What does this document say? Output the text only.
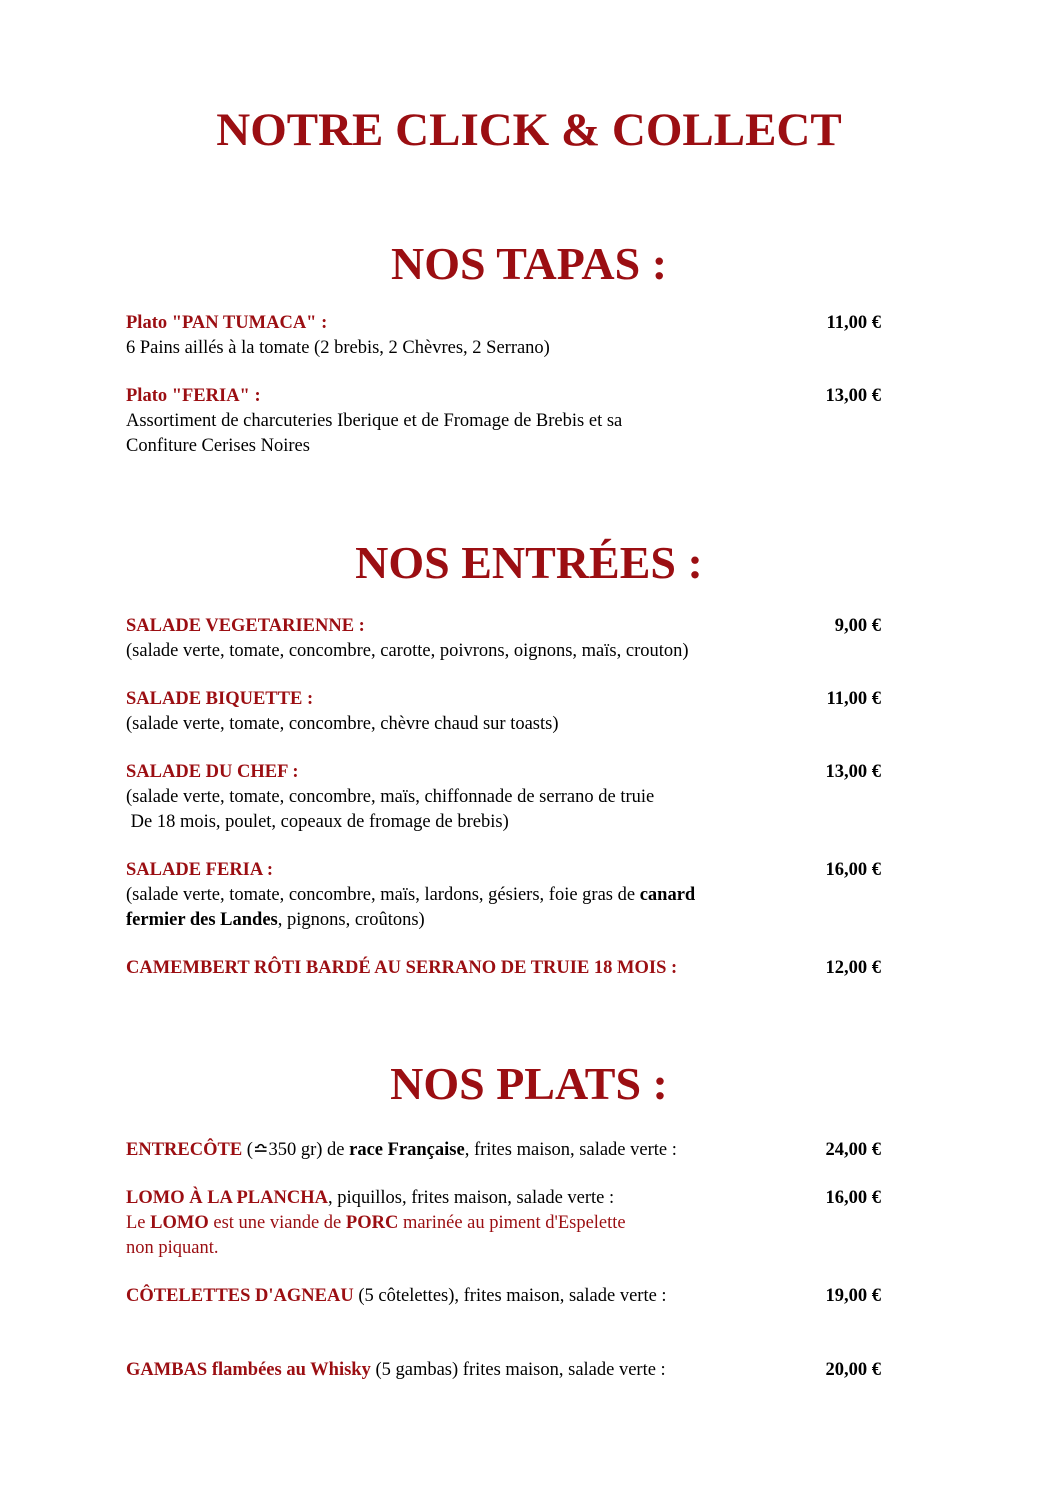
NOTRE CLICK & COLLECT
NOS TAPAS :
Plato "PAN TUMACA" :	11,00 €
6 Pains aillés à la tomate (2 brebis, 2 Chèvres, 2 Serrano)
Plato "FERIA" :	13,00 €
Assortiment de charcuteries Iberique et de Fromage de Brebis et sa
Confiture Cerises Noires
NOS ENTRÉES :
SALADE VEGETARIENNE :	9,00 €
(salade verte, tomate, concombre, carotte, poivrons, oignons, maïs, crouton)
SALADE BIQUETTE :	11,00 €
(salade verte, tomate, concombre, chèvre chaud sur toasts)
SALADE DU CHEF :	13,00 €
(salade verte, tomate, concombre, maïs, chiffonnade de serrano de truie
De 18 mois, poulet, copeaux de fromage de brebis)
SALADE FERIA :	16,00 €
(salade verte, tomate, concombre, maïs, lardons, gésiers, foie gras de canard
fermier des Landes, pignons, croûtons)
CAMEMBERT RÔTI BARDÉ AU SERRANO DE TRUIE 18 MOIS :	12,00 €
NOS PLATS :
ENTRECÔTE (≏350 gr) de race Française, frites maison, salade verte :	24,00 €
LOMO À LA PLANCHA, piquillos, frites maison, salade verte :	16,00 €
Le LOMO est une viande de PORC marinée au piment d'Espelette
non piquant.
CÔTELETTES D'AGNEAU (5 côtelettes), frites maison, salade verte :	19,00 €
GAMBAS flambées au Whisky (5 gambas) frites maison, salade verte :	20,00 €
